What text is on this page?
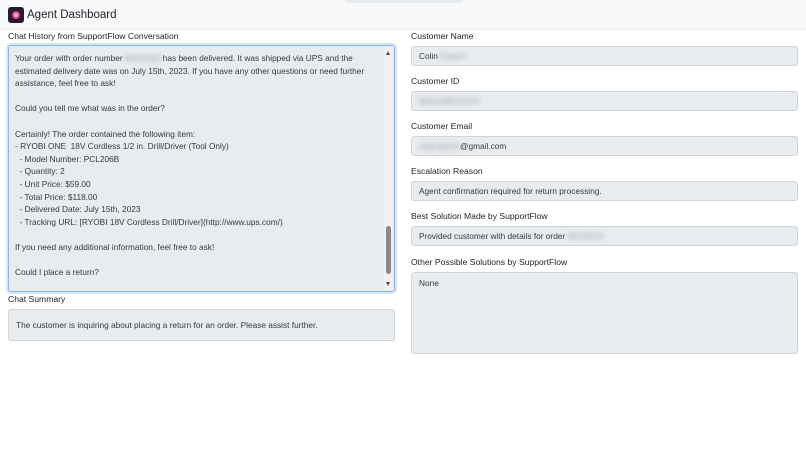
Agent Dashboard
Chat History from SupportFlow Conversation
Your order with order number W123123 has been delivered. It was shipped via UPS and the
estimated delivery date was on July 15th, 2023. If you have any other questions or need further
assistance, feel free to ask!
Could you tell me what was in the order?
Certainly! The order contained the following item:
- RYOBI ONE  18V Cordless 1/2 in. Drill/Driver (Tool Only)
- Model Number: PCL206B
- Quantity: 2
- Unit Price: $59.00
- Total Price: $118.00
- Delivered Date: July 15th, 2023
- Tracking URL: [RYOBI 18V Cordless Drill/Driver](http://www.ups.com/)
If you need any additional information, feel free to ask!
Could I place a return?
Chat Summary
The customer is inquiring about placing a return for an order. Please assist further.
Customer Name
Colin
Flueck
Customer ID
9031238712174
Customer Email
colin.flueck @gmail.com
Escalation Reason
Agent confirmation required for return processing.
Best Solution Made by SupportFlow
Provided customer with details for order
W123123
Other Possible Solutions by SupportFlow
None
